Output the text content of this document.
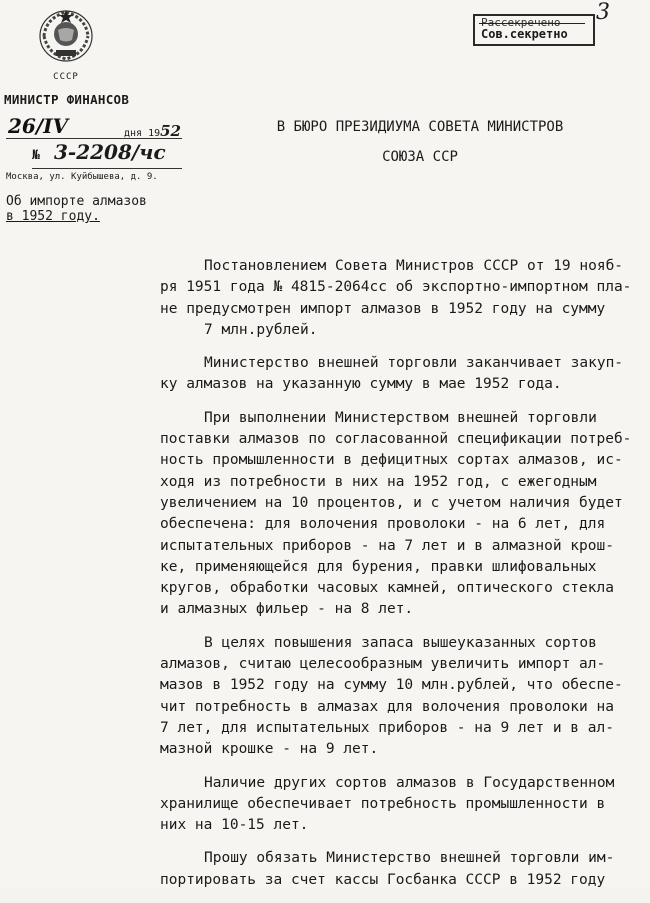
СССР
МИНИСТР ФИНАНСОВ
26/IV	дня 1952
№ 3-2208/чс
Москва, ул. Куйбышева, д. 9.
Об импорте алмазов
в 1952 году.
Рассекречено
Сов.секретно
3
В БЮРО ПРЕЗИДИУМА СОВЕТА МИНИСТРОВ
СОЮЗА ССР
Постановлением Совета Министров СССР от 19 нояб-
ря 1951 года № 4815-2064сс об экспортно-импортном пла-
не предусмотрен импорт алмазов в 1952 году на сумму
7 млн.рублей.
Министерство внешней торговли заканчивает закуп-
ку алмазов на указанную сумму в мае 1952 года.
При выполнении Министерством внешней торговли
поставки алмазов по согласованной спецификации потреб-
ность промышленности в дефицитных сортах алмазов, ис-
ходя из потребности в них на 1952 год, с ежегодным
увеличением на 10 процентов, и с учетом наличия будет
обеспечена: для волочения проволоки - на 6 лет, для
испытательных приборов - на 7 лет и в алмазной крош-
ке, применяющейся для бурения, правки шлифовальных
кругов, обработки часовых камней, оптического стекла
и алмазных фильер - на 8 лет.
В целях повышения запаса вышеуказанных сортов
алмазов, считаю целесообразным увеличить импорт ал-
мазов в 1952 году на сумму 10 млн.рублей, что обеспе-
чит потребность в алмазах для волочения проволоки на
7 лет, для испытательных приборов - на 9 лет и в ал-
мазной крошке - на 9 лет.
Наличие других сортов алмазов в Государственном
хранилище обеспечивает потребность промышленности в
них на 10-15 лет.
Прошу обязать Министерство внешней торговли им-
портировать за счет кассы Госбанка СССР в 1952 году
